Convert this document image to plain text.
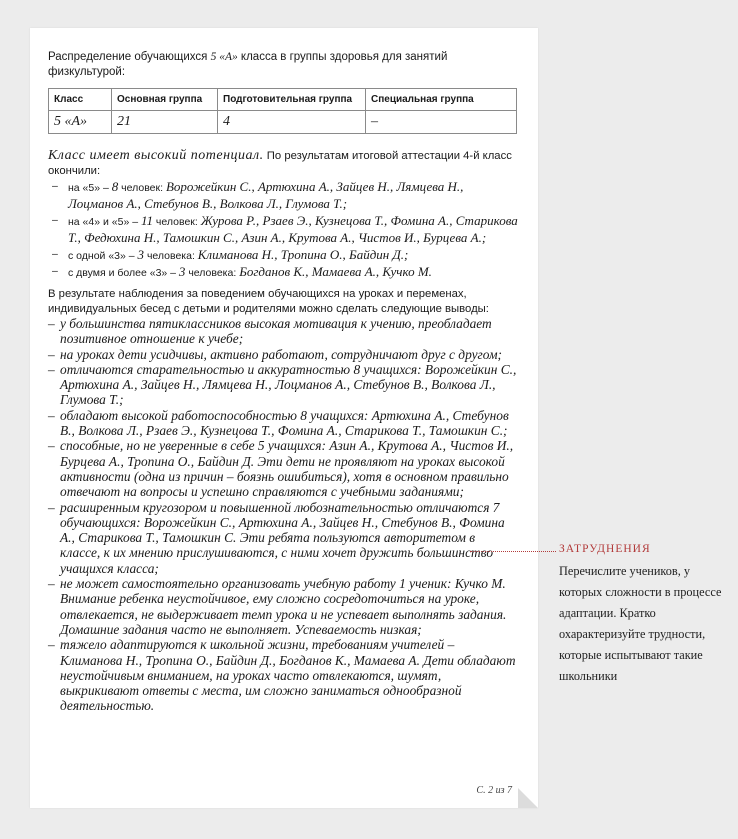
Распределение обучающихся 5 «А» класса в группы здоровья для занятий физкультурой:

Класс	Основная группа	Подготовительная группа	Специальная группа
5 «А»	21	4	–

Класс имеет высокий потенциал. По результатам итоговой аттестации 4-й класс окончили:

– на «5» – 8 человек: Ворожейкин С., Артюхина А., Зайцев Н., Лямцева Н., Лоцманов А., Стебунов В., Волкова Л., Глумова Т.;
– на «4» и «5» – 11 человек: Журова Р., Рзаев Э., Кузнецова Т., Фомина А., Старикова Т., Федюхина Н., Тамошкин С., Азин А., Крутова А., Чистов И., Бурцева А.;
– с одной «3» – 3 человека: Климанова Н., Тропина О., Байдин Д.;
– с двумя и более «3» – 3 человека: Богданов К., Мамаева А., Кучко М.

В результате наблюдения за поведением обучающихся на уроках и переменах, индивидуальных бесед с детьми и родителями можно сделать следующие выводы:

– у большинства пятиклассников высокая мотивация к учению, преобладает позитивное отношение к учебе;
– на уроках дети усидчивы, активно работают, сотрудничают друг с другом;
– отличаются старательностью и аккуратностью 8 учащихся: Ворожейкин С., Артюхина А., Зайцев Н., Лямцева Н., Лоцманов А., Стебунов В., Волкова Л., Глумова Т.;
– обладают высокой работоспособностью 8 учащихся: Артюхина А., Стебунов В., Волкова Л., Рзаев Э., Кузнецова Т., Фомина А., Старикова Т., Тамошкин С.;
– способные, но не уверенные в себе 5 учащихся: Азин А., Крутова А., Чистов И., Бурцева А., Тропина О., Байдин Д. Эти дети не проявляют на уроках высокой активности (одна из причин – боязнь ошибиться), хотя в основном правильно отвечают на вопросы и успешно справляются с учебными заданиями;
– расширенным кругозором и повышенной любознательностью отличаются 7 обучающихся: Ворожейкин С., Артюхина А., Зайцев Н., Стебунов В., Фомина А., Старикова Т., Тамошкин С. Эти ребята пользуются авторитетом в классе, к их мнению прислушиваются, с ними хочет дружить большинство учащихся класса;
– не может самостоятельно организовать учебную работу 1 ученик: Кучко М. Внимание ребенка неустойчивое, ему сложно сосредоточиться на уроке, отвлекается, не выдерживает темп урока и не успевает выполнять задания. Домашние задания часто не выполняет. Успеваемость низкая;
– тяжело адаптируются к школьной жизни, требованиям учителей – Климанова Н., Тропина О., Байдин Д., Богданов К., Мамаева А. Дети обладают неустойчивым вниманием, на уроках часто отвлекаются, шумят, выкрикивают ответы с места, им сложно заниматься однообразной деятельностью.
С. 2 из 7
ЗАТРУДНЕНИЯ
Перечислите учеников, у которых сложности в процессе адаптации. Кратко охарактеризуйте трудности, которые испытывают такие школьники
